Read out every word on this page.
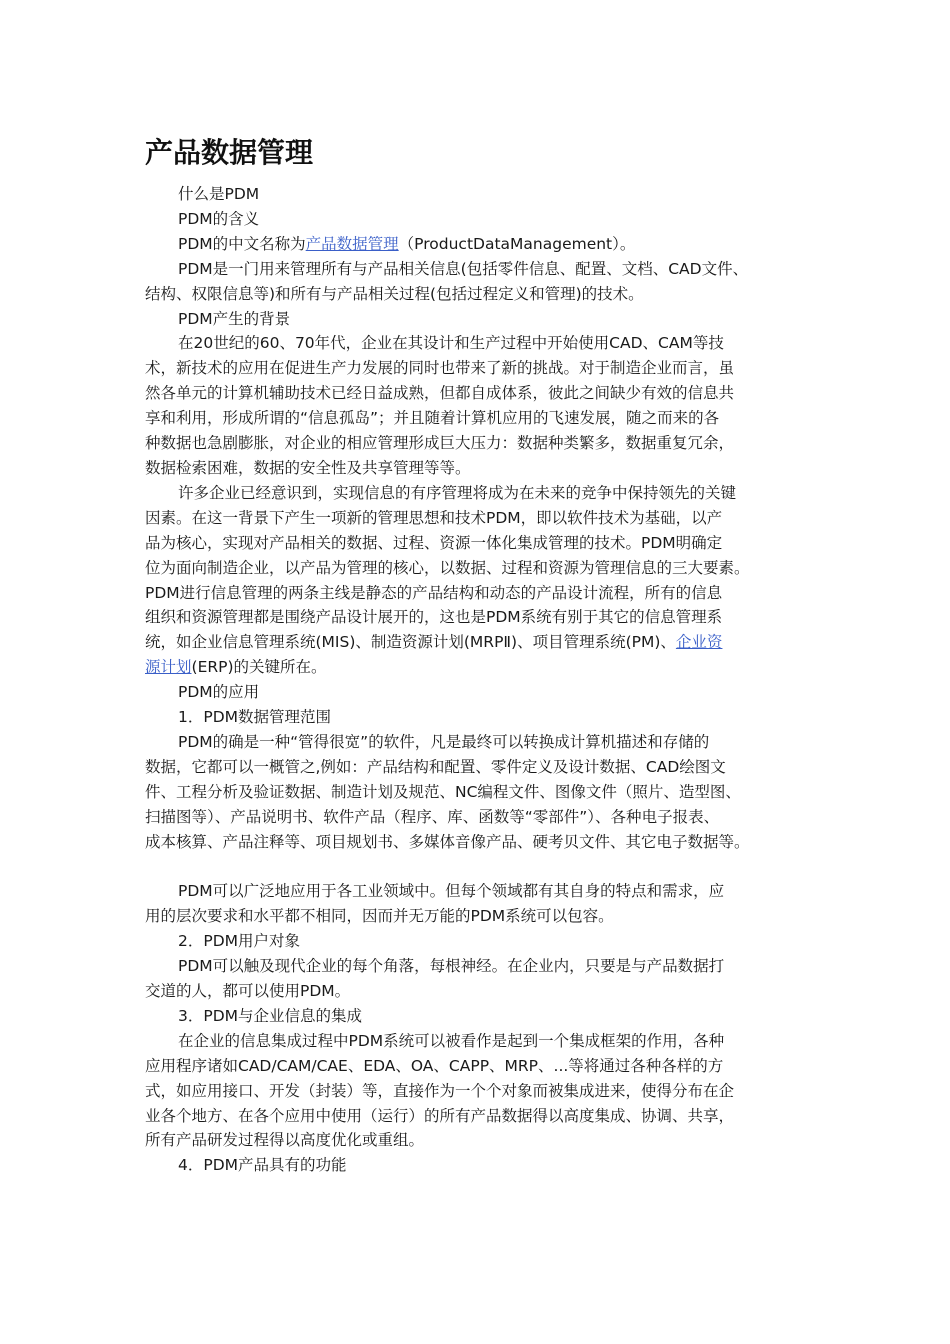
产品数据管理

什么是PDM

PDM的含义

PDM的中文名称为产品数据管理（ProductDataManagement）。

PDM是一门用来管理所有与产品相关信息(包括零件信息、配置、文档、CAD文件、
结构、权限信息等)和所有与产品相关过程(包括过程定义和管理)的技术。

PDM产生的背景

在20世纪的60、70年代，企业在其设计和生产过程中开始使用CAD、CAM等技
术，新技术的应用在促进生产力发展的同时也带来了新的挑战。对于制造企业而言，虽
然各单元的计算机辅助技术已经日益成熟，但都自成体系，彼此之间缺少有效的信息共
享和利用，形成所谓的“信息孤岛”；并且随着计算机应用的飞速发展，随之而来的各
种数据也急剧膨胀，对企业的相应管理形成巨大压力：数据种类繁多，数据重复冗余，
数据检索困难，数据的安全性及共享管理等等。
许多企业已经意识到，实现信息的有序管理将成为在未来的竞争中保持领先的关键
因素。在这一背景下产生一项新的管理思想和技术PDM，即以软件技术为基础，以产
品为核心，实现对产品相关的数据、过程、资源一体化集成管理的技术。PDM明确定
位为面向制造企业，以产品为管理的核心，以数据、过程和资源为管理信息的三大要素。
PDM进行信息管理的两条主线是静态的产品结构和动态的产品设计流程，所有的信息
组织和资源管理都是围绕产品设计展开的，这也是PDM系统有别于其它的信息管理系
统，如企业信息管理系统(MIS)、制造资源计划(MRPⅡ)、项目管理系统(PM)、企业资
源计划(ERP)的关键所在。

PDM的应用

1．PDM数据管理范围

PDM的确是一种“管得很宽”的软件，凡是最终可以转换成计算机描述和存储的
数据，它都可以一概管之,例如：产品结构和配置、零件定义及设计数据、CAD绘图文
件、工程分析及验证数据、制造计划及规范、NC编程文件、图像文件（照片、造型图、
扫描图等）、产品说明书、软件产品（程序、库、函数等“零部件”）、各种电子报表、
成本核算、产品注释等、项目规划书、多媒体音像产品、硬考贝文件、其它电子数据等。
PDM可以广泛地应用于各工业领域中。但每个领域都有其自身的特点和需求，应
用的层次要求和水平都不相同，因而并无万能的PDM系统可以包容。

2．PDM用户对象

PDM可以触及现代企业的每个角落，每根神经。在企业内，只要是与产品数据打
交道的人，都可以使用PDM。

3．PDM与企业信息的集成

在企业的信息集成过程中PDM系统可以被看作是起到一个集成框架的作用，各种
应用程序诸如CAD/CAM/CAE、EDA、OA、CAPP、MRP、...等将通过各种各样的方
式，如应用接口、开发（封装）等，直接作为一个个对象而被集成进来，使得分布在企
业各个地方、在各个应用中使用（运行）的所有产品数据得以高度集成、协调、共享，
所有产品研发过程得以高度优化或重组。

4．PDM产品具有的功能
